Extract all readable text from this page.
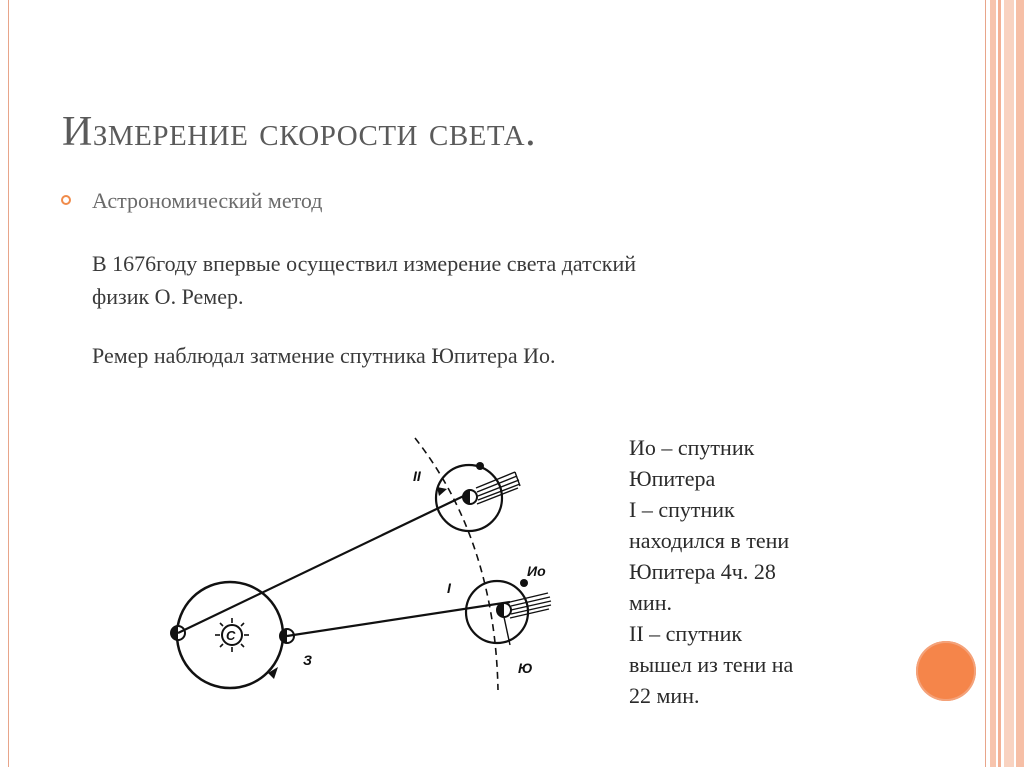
Измерение скорости света.
Астрономический метод
В 1676году впервые осуществил измерение света датский
физик О. Ремер.
Ремер наблюдал затмение спутника Юпитера Ио.
С
З
II
I
Ио
Ю
Ио – спутник
Юпитера
I – спутник
находился в тени
Юпитера 4ч. 28
мин.
II – спутник
вышел из тени на
22 мин.
